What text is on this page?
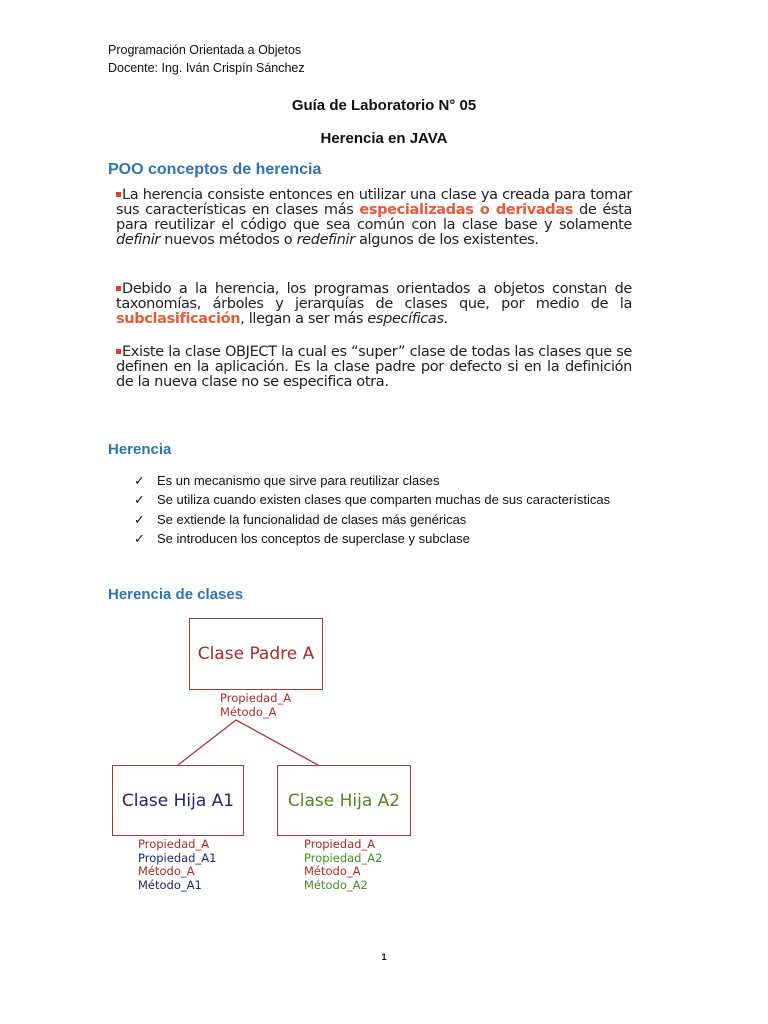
Programación Orientada a Objetos
Docente: Ing. Iván Crispín Sánchez
Guía de Laboratorio N° 05
Herencia en JAVA
POO conceptos de herencia
La herencia consiste entonces en utilizar una clase ya creada para tomar sus características en clases más especializadas o derivadas de ésta para reutilizar el código que sea común con la clase base y solamente definir nuevos métodos o redefinir algunos de los existentes.
Debido a la herencia, los programas orientados a objetos constan de taxonomías, árboles y jerarquías de clases que, por medio de la subclasificación, llegan a ser más específicas.
Existe la clase OBJECT la cual es “super” clase de todas las clases que se definen en la aplicación. Es la clase padre por defecto si en la definición de la nueva clase no se especifica otra.
Herencia
✓ Es un mecanismo que sirve para reutilizar clases
✓ Se utiliza cuando existen clases que comparten muchas de sus características
✓ Se extiende la funcionalidad de clases más genéricas
✓ Se introducen los conceptos de superclase y subclase
Herencia de clases
Clase Padre A
Propiedad_A
Método_A
Clase Hija A1
Propiedad_A
Propiedad_A1
Método_A
Método_A1
Clase Hija A2
Propiedad_A
Propiedad_A2
Método_A
Método_A2
1
